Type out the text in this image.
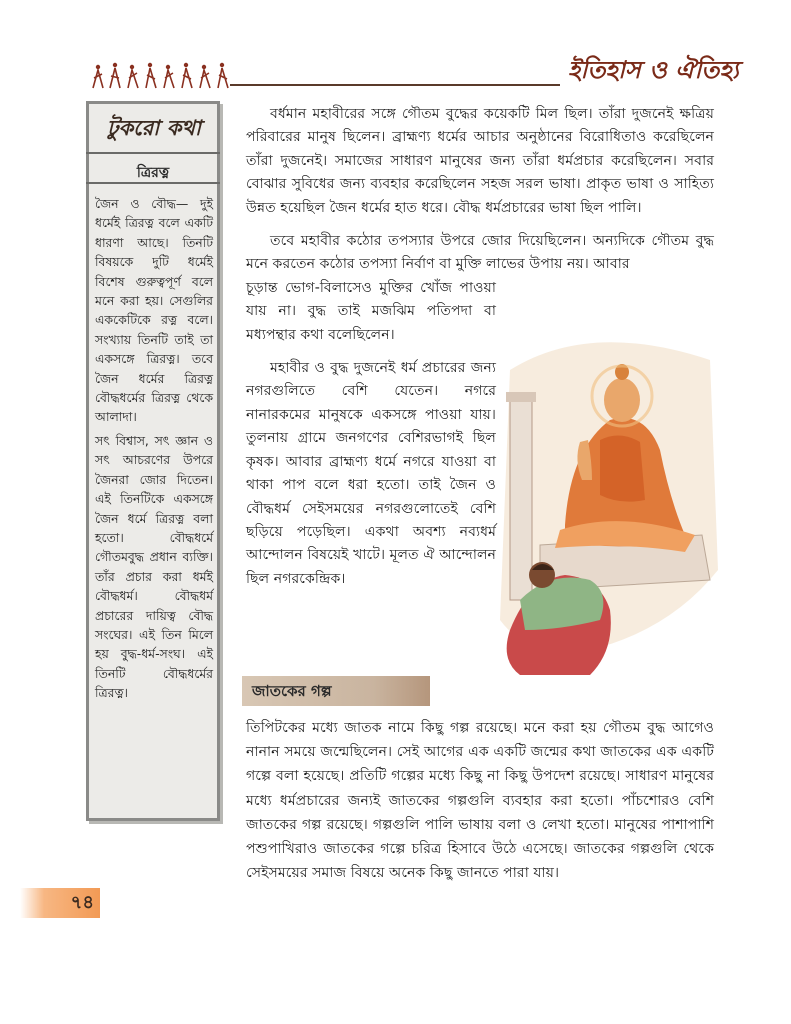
ইতিহাস ও ঐতিহ্য
টুকরো কথা
ত্রিরত্ন

জৈন ও বৌদ্ধ— দুই ধর্মেই ত্রিরত্ন বলে একটি ধারণা আছে। তিনটি বিষয়কে দুটি ধর্মেই বিশেষ গুরুত্বপূর্ণ বলে মনে করা হয়। সেগুলির এককেটিকে রত্ন বলে। সংখ্যায় তিনটি তাই তা একসঙ্গে ত্রিরত্ন। তবে জৈন ধর্মের ত্রিরত্ন বৌদ্ধধর্মের ত্রিরত্ন থেকে আলাদা।

সৎ বিশ্বাস, সৎ জ্ঞান ও সৎ আচরণের উপরে জৈনরা জোর দিতেন। এই তিনটিকে একসঙ্গে জৈন ধর্মে ত্রিরত্ন বলা হতো। বৌদ্ধধর্মে গৌতমবুদ্ধ প্রধান ব্যক্তি। তাঁর প্রচার করা ধর্মই বৌদ্ধধর্ম। বৌদ্ধধর্ম প্রচারের দায়িত্ব বৌদ্ধ সংঘের। এই তিন মিলে হয় বুদ্ধ-ধর্ম-সংঘ। এই তিনটি বৌদ্ধধর্মের ত্রিরত্ন।

বর্ধমান মহাবীরের সঙ্গে গৌতম বুদ্ধের কয়েকটি মিল ছিল। তাঁরা দুজনেই ক্ষত্রিয় পরিবারের মানুষ ছিলেন। ব্রাহ্মণ্য ধর্মের আচার অনুষ্ঠানের বিরোধিতাও করেছিলেন তাঁরা দুজনেই। সমাজের সাধারণ মানুষের জন্য তাঁরা ধর্মপ্রচার করেছিলেন। সবার বোঝার সুবিধের জন্য ব্যবহার করেছিলেন সহজ সরল ভাষা। প্রাকৃত ভাষা ও সাহিত্য উন্নত হয়েছিল জৈন ধর্মের হাত ধরে। বৌদ্ধ ধর্মপ্রচারের ভাষা ছিল পালি।

তবে মহাবীর কঠোর তপস্যার উপরে জোর দিয়েছিলেন। অন্যদিকে গৌতম বুদ্ধ মনে করতেন কঠোর তপস্যা নির্বাণ বা মুক্তি লাভের উপায় নয়। আবার

চূড়ান্ত ভোগ-বিলাসেও মুক্তির খোঁজ পাওয়া যায় না। বুদ্ধ তাই মজঝিম পতিপদা বা মধ্যপন্থার কথা বলেছিলেন।

মহাবীর ও বুদ্ধ দুজনেই ধর্ম প্রচারের জন্য নগরগুলিতে বেশি যেতেন। নগরে নানারকমের মানুষকে একসঙ্গে পাওয়া যায়। তুলনায় গ্রামে জনগণের বেশিরভাগই ছিল কৃষক। আবার ব্রাহ্মণ্য ধর্মে নগরে যাওয়া বা থাকা পাপ বলে ধরা হতো। তাই জৈন ও বৌদ্ধধর্ম সেইসময়ের নগরগুলোতেই বেশি ছড়িয়ে পড়েছিল। একথা অবশ্য নব্যধর্ম আন্দোলন বিষয়েই খাটে। মূলত ঐ আন্দোলন ছিল নগরকেন্দ্রিক।

জাতকের গল্প

তিপিটকের মধ্যে জাতক নামে কিছু গল্প রয়েছে। মনে করা হয় গৌতম বুদ্ধ আগেও নানান সময়ে জন্মেছিলেন। সেই আগের এক একটি জন্মের কথা জাতকের এক একটি গল্পে বলা হয়েছে। প্রতিটি গল্পের মধ্যে কিছু না কিছু উপদেশ রয়েছে। সাধারণ মানুষের মধ্যে ধর্মপ্রচারের জন্যই জাতকের গল্পগুলি ব্যবহার করা হতো। পাঁচশোরও বেশি জাতকের গল্প রয়েছে। গল্পগুলি পালি ভাষায় বলা ও লেখা হতো। মানুষের পাশাপাশি পশুপাখিরাও জাতকের গল্পে চরিত্র হিসাবে উঠে এসেছে। জাতকের গল্পগুলি থেকে সেইসময়ের সমাজ বিষয়ে অনেক কিছু জানতে পারা যায়।

৭৪
